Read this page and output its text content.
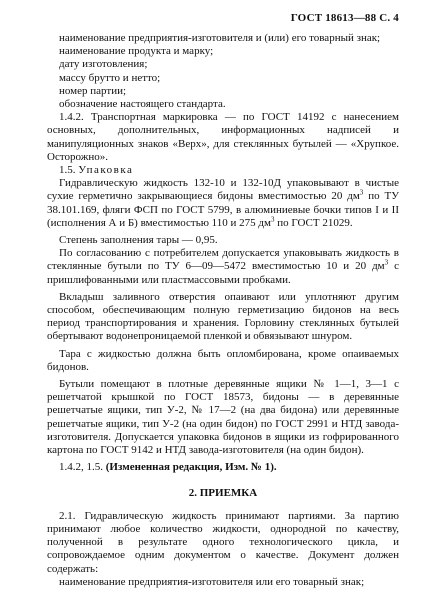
ГОСТ 18613—88 С. 4

наименование предприятия-изготовителя и (или) его товарный знак;

наименование продукта и марку;

дату изготовления;

массу брутто и нетто;

номер партии;

обозначение настоящего стандарта.

1.4.2. Транспортная маркировка — по ГОСТ 14192 с нанесением основных, дополнительных, информационных надписей и манипуляционных знаков «Верх», для стеклянных бутылей — «Хрупкое. Осторожно».

1.5. Упаковка

Гидравлическую жидкость 132-10 и 132-10Д упаковывают в чистые сухие герметично закрывающиеся бидоны вместимостью 20 $дм^3$ по ТУ 38.101.169, фляги ФСП по ГОСТ 5799, в алюминиевые бочки типов I и II (исполнения А и Б) вместимостью 110 и 275 $дм^3$ по ГОСТ 21029.

Степень заполнения тары — 0,95.

По согласованию с потребителем допускается упаковывать жидкость в стеклянные бутыли по ТУ 6—09—5472 вместимостью 10 и 20 $дм^3$ с пришлифованными или пластмассовыми пробками.

Вкладыш заливного отверстия опаивают или уплотняют другим способом, обеспечивающим полную герметизацию бидонов на весь период транспортирования и хранения. Горловину стеклянных бутылей обертывают водонепроницаемой пленкой и обвязывают шнуром.

Тара с жидкостью должна быть опломбирована, кроме опаиваемых бидонов.

Бутыли помещают в плотные деревянные ящики № 1—1, 3—1 с решетчатой крышкой по ГОСТ 18573, бидоны — в деревянные решетчатые ящики, тип У-2, № 17—2 (на два бидона) или деревянные решетчатые ящики, тип У-2 (на один бидон) по ГОСТ 2991 и НТД завода-изготовителя. Допускается упаковка бидонов в ящики из гофрированного картона по ГОСТ 9142 и НТД завода-изготовителя (на один бидон).

1.4.2, 1.5. (Измененная редакция, Изм. № 1).

2. ПРИЕМКА

2.1. Гидравлическую жидкость принимают партиями. За партию принимают любое количество жидкости, однородной по качеству, полученной в результате одного технологического цикла, и сопровождаемое одним документом о качестве. Документ должен содержать:

наименование предприятия-изготовителя или его товарный знак;
